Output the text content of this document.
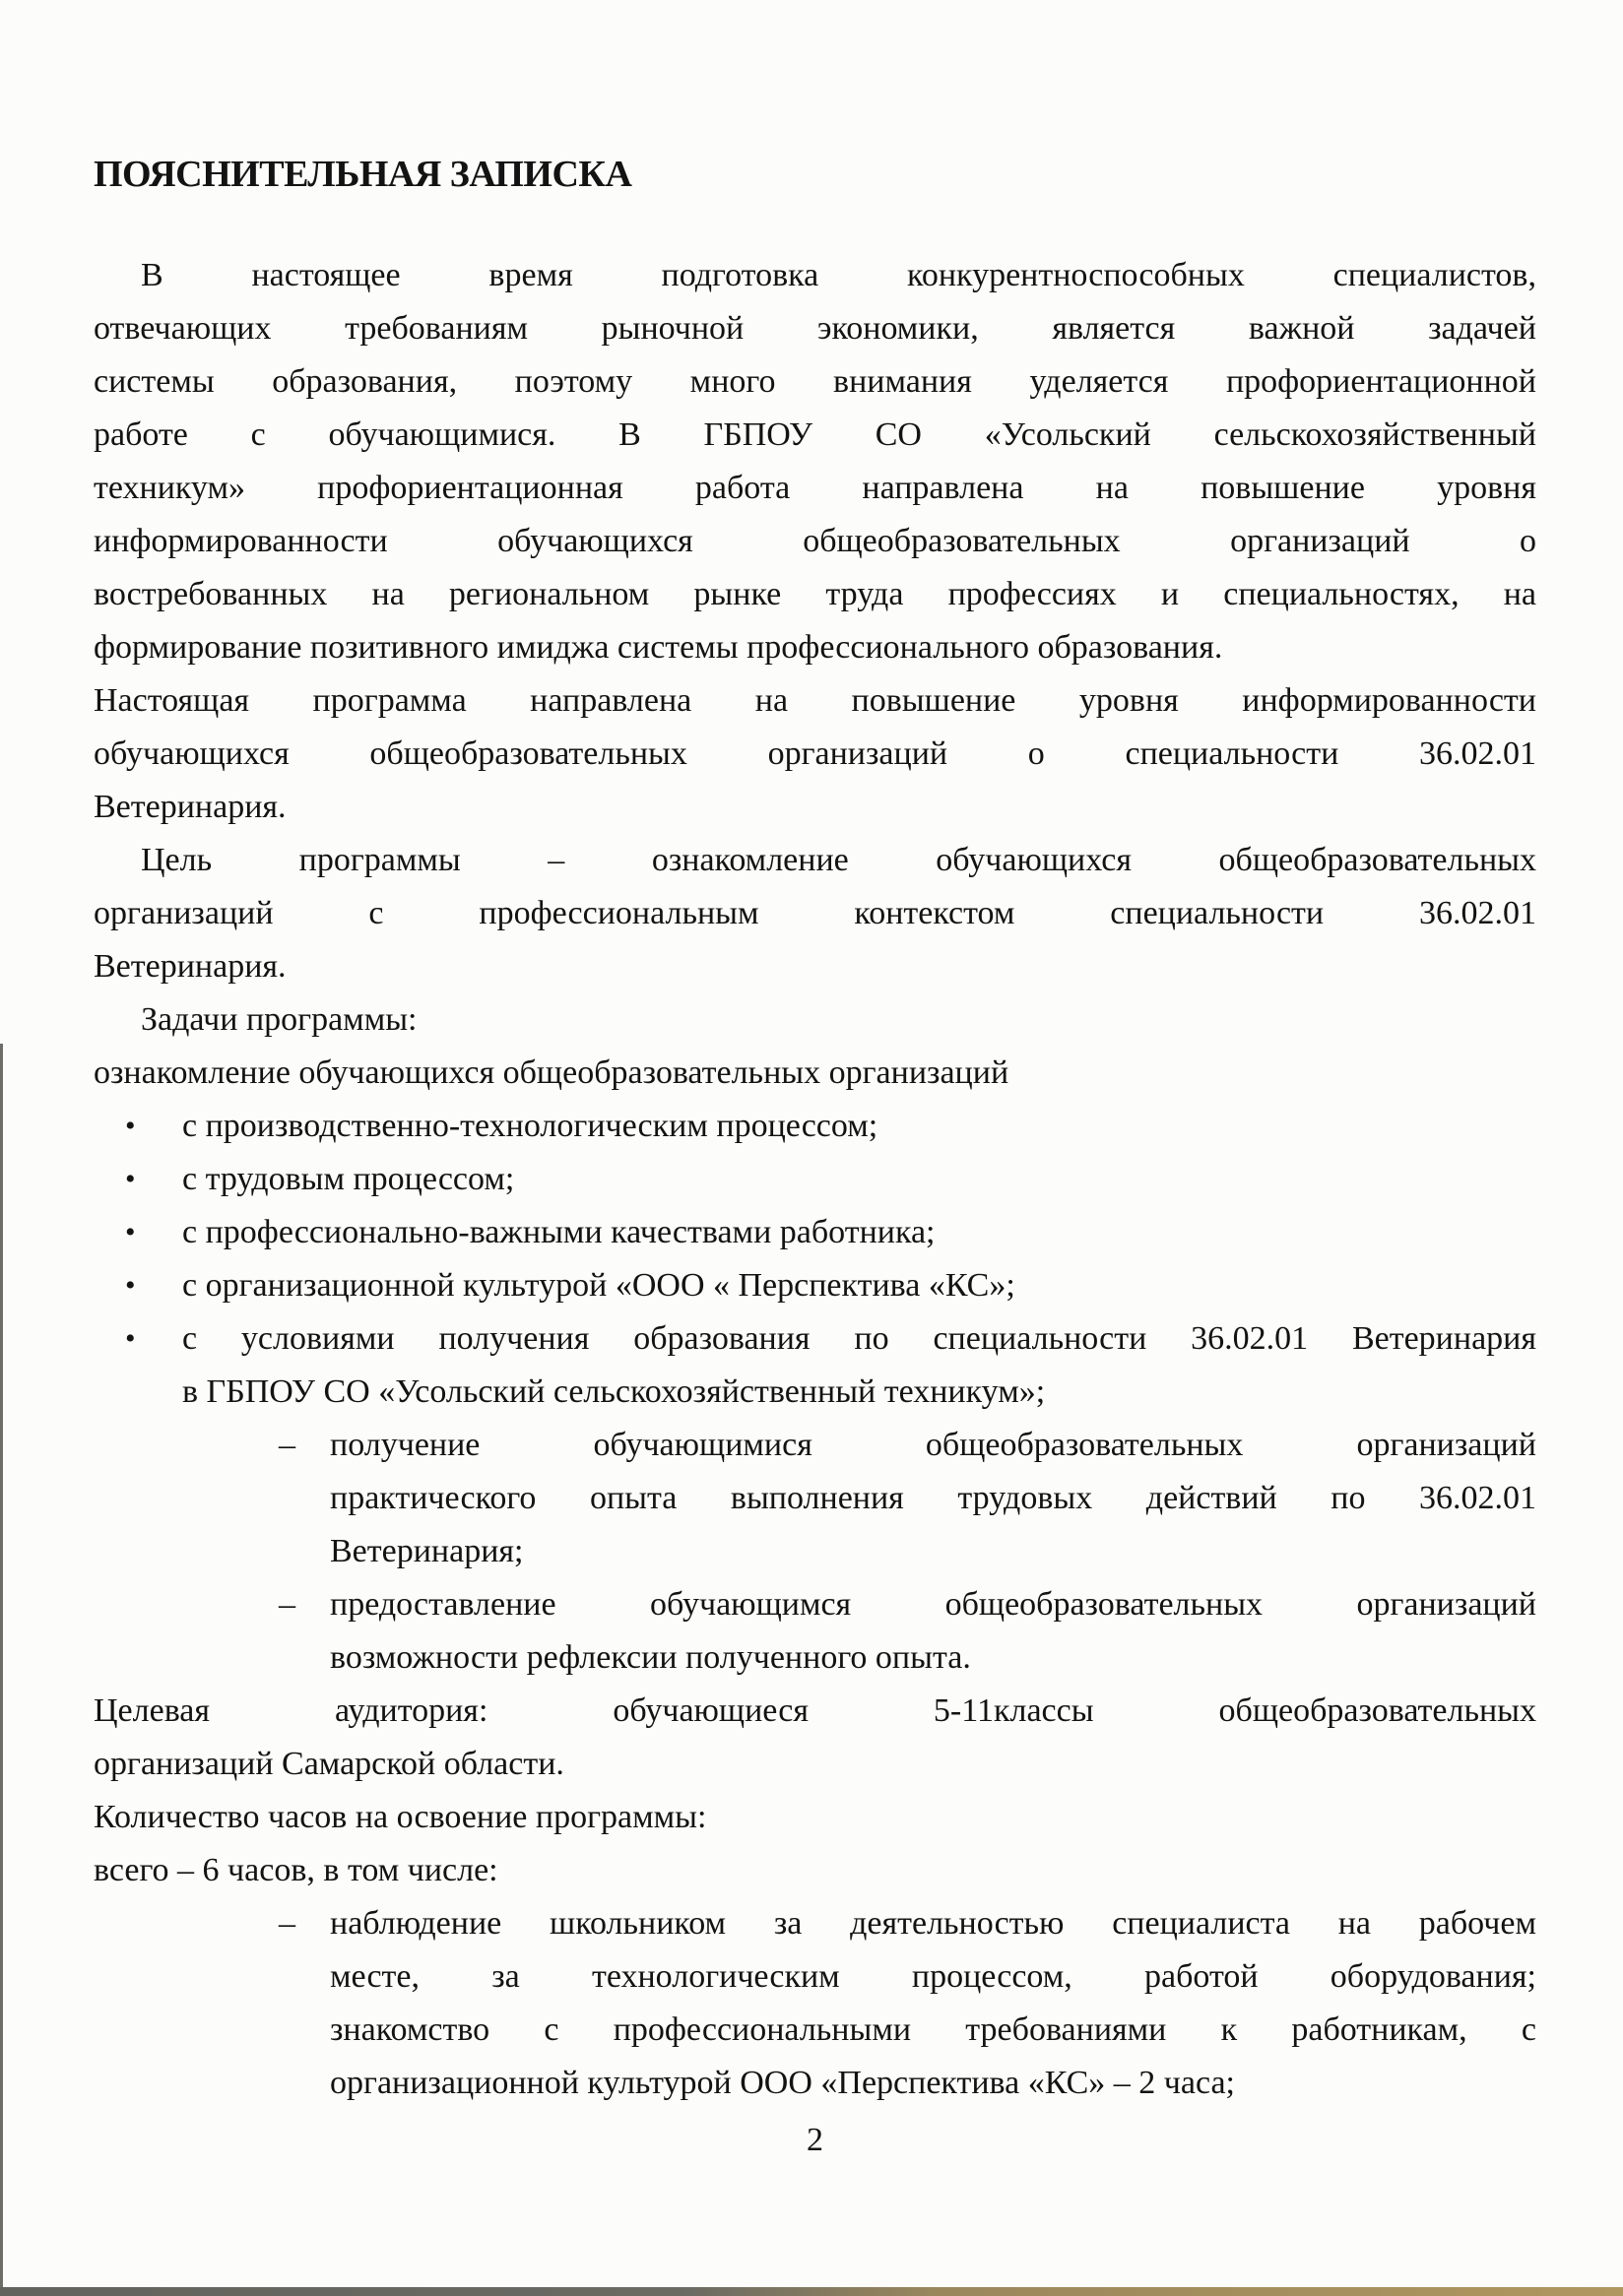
ПОЯСНИТЕЛЬНАЯ ЗАПИСКА
В настоящее время подготовка конкурентноспособных специалистов,
отвечающих требованиям рыночной экономики, является важной задачей
системы образования, поэтому много внимания уделяется профориентационной
работе с обучающимися. В ГБПОУ СО «Усольский сельскохозяйственный
техникум» профориентационная работа направлена на повышение уровня
информированности обучающихся общеобразовательных организаций о
востребованных на региональном рынке труда профессиях и специальностях, на
формирование позитивного имиджа системы профессионального образования.
Настоящая программа направлена на повышение уровня информированности
обучающихся общеобразовательных организаций о специальности 36.02.01
Ветеринария.
Цель программы – ознакомление обучающихся общеобразовательных
организаций с профессиональным контекстом специальности 36.02.01
Ветеринария.
Задачи программы:
ознакомление обучающихся общеобразовательных организаций
•	с производственно-технологическим процессом;
•	с трудовым процессом;
•	с профессионально-важными качествами работника;
•	с организационной культурой «ООО « Перспектива «КС»;
•	с условиями получения образования по специальности 36.02.01 Ветеринария
в ГБПОУ СО «Усольский сельскохозяйственный техникум»;
–	получение обучающимися общеобразовательных организаций
практического опыта выполнения трудовых действий по 36.02.01
Ветеринария;
–	предоставление обучающимся общеобразовательных организаций
возможности рефлексии полученного опыта.
Целевая аудитория: обучающиеся 5-11классы общеобразовательных
организаций Самарской области.
Количество часов на освоение программы:
всего – 6 часов, в том числе:
–	наблюдение школьником за деятельностью специалиста на рабочем
месте, за технологическим процессом, работой оборудования;
знакомство с профессиональными требованиями к работникам, с
организационной культурой ООО «Перспектива «КС» – 2 часа;
2
